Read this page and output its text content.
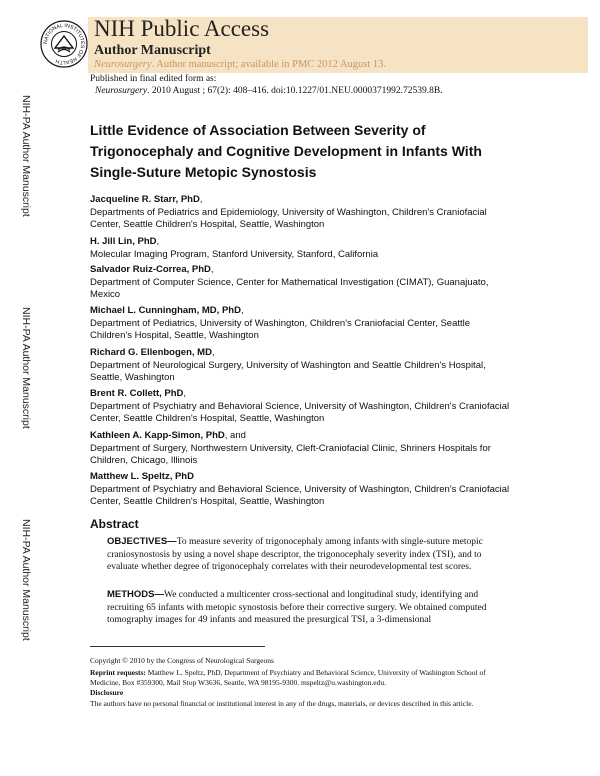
NATIONAL INSTITUTES OF HEALTH
NIH Public Access
Author Manuscript
Neurosurgery. Author manuscript; available in PMC 2012 August 13.
Published in final edited form as:
Neurosurgery. 2010 August ; 67(2): 408–416. doi:10.1227/01.NEU.0000371992.72539.8B.
NIH-PA Author Manuscript
NIH-PA Author Manuscript
NIH-PA Author Manuscript
Little Evidence of Association Between Severity of Trigonocephaly and Cognitive Development in Infants With Single-Suture Metopic Synostosis
Jacqueline R. Starr, PhD,
Departments of Pediatrics and Epidemiology, University of Washington, Children's Craniofacial Center, Seattle Children's Hospital, Seattle, Washington
H. Jill Lin, PhD,
Molecular Imaging Program, Stanford University, Stanford, California
Salvador Ruiz-Correa, PhD,
Department of Computer Science, Center for Mathematical Investigation (CIMAT), Guanajuato, Mexico
Michael L. Cunningham, MD, PhD,
Department of Pediatrics, University of Washington, Children's Craniofacial Center, Seattle Children's Hospital, Seattle, Washington
Richard G. Ellenbogen, MD,
Department of Neurological Surgery, University of Washington and Seattle Children's Hospital, Seattle, Washington
Brent R. Collett, PhD,
Department of Psychiatry and Behavioral Science, University of Washington, Children's Craniofacial Center, Seattle Children's Hospital, Seattle, Washington
Kathleen A. Kapp-Simon, PhD, and
Department of Surgery, Northwestern University, Cleft-Craniofacial Clinic, Shriners Hospitals for Children, Chicago, Illinois
Matthew L. Speltz, PhD
Department of Psychiatry and Behavioral Science, University of Washington, Children's Craniofacial Center, Seattle Children's Hospital, Seattle, Washington
Abstract
OBJECTIVES—To measure severity of trigonocephaly among infants with single-suture metopic craniosynostosis by using a novel shape descriptor, the trigonocephaly severity index (TSI), and to evaluate whether degree of trigonocephaly correlates with their neurodevelopmental test scores.
METHODS—We conducted a multicenter cross-sectional and longitudinal study, identifying and recruiting 65 infants with metopic synostosis before their corrective surgery. We obtained computed tomography images for 49 infants and measured the presurgical TSI, a 3-dimensional
Copyright © 2010 by the Congress of Neurological Surgeons
Reprint requests: Matthew L. Speltz, PhD, Department of Psychiatry and Behavioral Science, University of Washington School of Medicine, Box #359300, Mail Stop W3636, Seattle, WA 98195-9300. mspeltz@u.washington.edu.
Disclosure
The authors have no personal financial or institutional interest in any of the drugs, materials, or devices described in this article.
